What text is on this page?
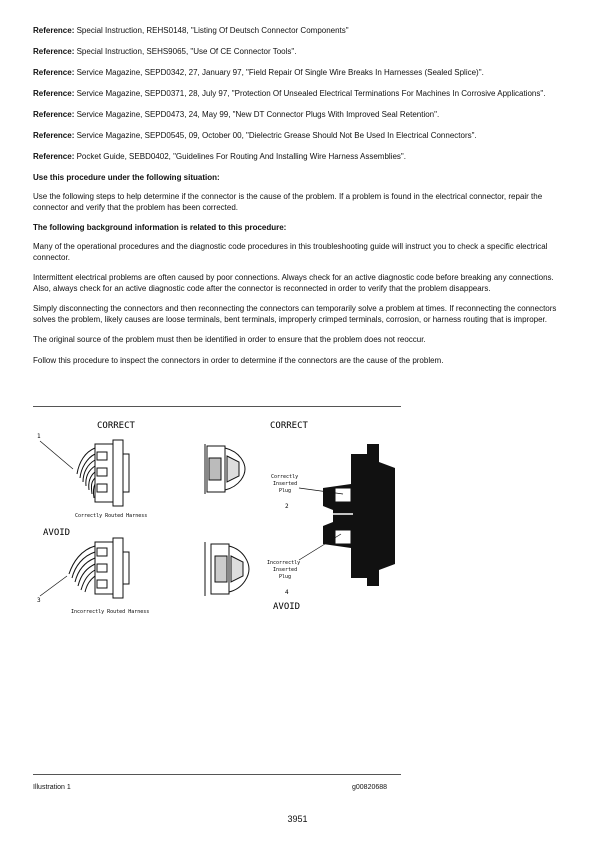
Reference: Special Instruction, REHS0148, "Listing Of Deutsch Connector Components"
Reference: Special Instruction, SEHS9065, "Use Of CE Connector Tools".
Reference: Service Magazine, SEPD0342, 27, January 97, "Field Repair Of Single Wire Breaks In Harnesses (Sealed Splice)".
Reference: Service Magazine, SEPD0371, 28, July 97, "Protection Of Unsealed Electrical Terminations For Machines In Corrosive Applications".
Reference: Service Magazine, SEPD0473, 24, May 99, "New DT Connector Plugs With Improved Seal Retention".
Reference: Service Magazine, SEPD0545, 09, October 00, "Dielectric Grease Should Not Be Used In Electrical Connectors".
Reference: Pocket Guide, SEBD0402, "Guidelines For Routing And Installing Wire Harness Assemblies".
Use this procedure under the following situation:
Use the following steps to help determine if the connector is the cause of the problem. If a problem is found in the electrical connector, repair the connector and verify that the problem has been corrected.
The following background information is related to this procedure:
Many of the operational procedures and the diagnostic code procedures in this troubleshooting guide will instruct you to check a specific electrical connector.
Intermittent electrical problems are often caused by poor connections. Always check for an active diagnostic code before breaking any connections. Also, always check for an active diagnostic code after the connector is reconnected in order to verify that the problem disappears.
Simply disconnecting the connectors and then reconnecting the connectors can temporarily solve a problem at times. If reconnecting the connectors solves the problem, likely causes are loose terminals, bent terminals, improperly crimped terminals, corrosion, or harness routing that is improper.
The original source of the problem must then be identified in order to ensure that the problem does not reoccur.
Follow this procedure to inspect the connectors in order to determine if the connectors are the cause of the problem.
CORRECT
AVOID
CORRECT
AVOID
1
Correctly Routed Harness
3
Incorrectly Routed Harness
Correctly
Inserted
Plug
2
Incorrectly
Inserted
Plug
4
Illustration 1	g00820688
3951
